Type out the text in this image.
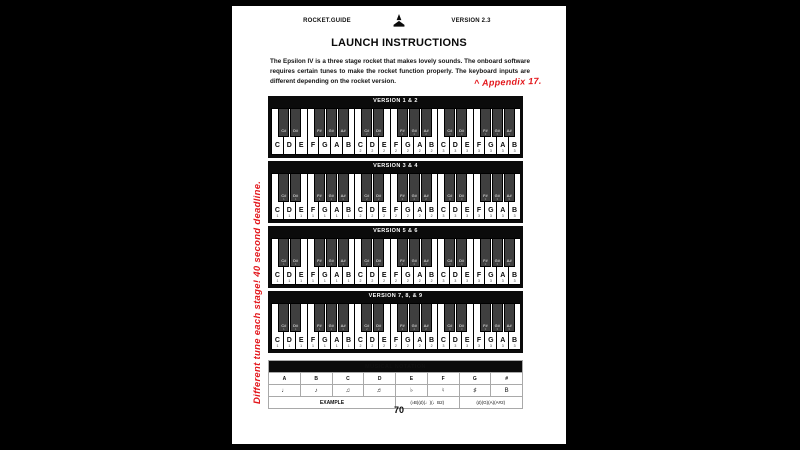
ROCKET.GUIDE	VERSION 2.3
LAUNCH INSTRUCTIONS
The Epsilon IV is a three stage rocket that makes lovely sounds. The onboard software requires certain tunes to make the rocket function properly. The keyboard inputs are different depending on the rocket version.	^ Appendix 17.
Different tune each stage! 40 second deadline.
VERSION 1 & 2
C D E F G A B
C# D#	F# G# A#
C
2
D
2
E
2
F
2
G
2
A
2
B
2
C#
2
D#
2
F#
2
G#
2
A#
2
C
3
D
3
E
3
F
3
G
3
A
3
B
3
C#
3
D#
3
F#
3
G#
3
A#
3
VERSION 3 & 4
C
1
D
1
E
1
F
1
G
1
A
1
B
1
C#
1
D#
1
F#
1
G#
1
A#
1
C
2
D
2
E
2
F
2
G
2
A
2
B
2
C#
2
D#
2
F#
2
G#
2
A#
2
C
3
D
3
E
3
F
3
G
3
A
3
B
3
C#
3
D#
3
F#
3
G#
3
A#
3
VERSION 5 & 6
C
1
D
1
E
1
F
1
G
1
A
1
B
1
C#
1
D#
1
F#
1
G#
1
A#
1
C
2
D
2
E
2
F
2
G
2
A
2
B
2
C#
2
D#
2
F#
2
G#
2
A#
2
C
3
D
3
E
3
F
3
G
3
A
3
B
3
C#
3
D#
3
F#
3
G#
3
A#
3
VERSION 7, 8, & 9
C
1
D
1
E
1
F
1
G
1
A
1
B
1
C#
1
D#
1
F#
1
G#
1
A#
1
C
2
D
2
E
2
F
2
G
2
A
2
B
2
C#
2
D#
2
F#
2
G#
2
A#
2
C
3
D
3
E
3
F
3
G
3
A
3
B
3
C#
3
D#
3
F#
3
G#
3
A#
3
MUSICAL NOTATION							
A	B	C	D	E	F	G	#
♩	♪	♫	♬	♭	♮	♯	B
EXAMPLE				(♭B)(♯)(♩)(♩B2)		(♯)(G)(A)(A#2)	
70
